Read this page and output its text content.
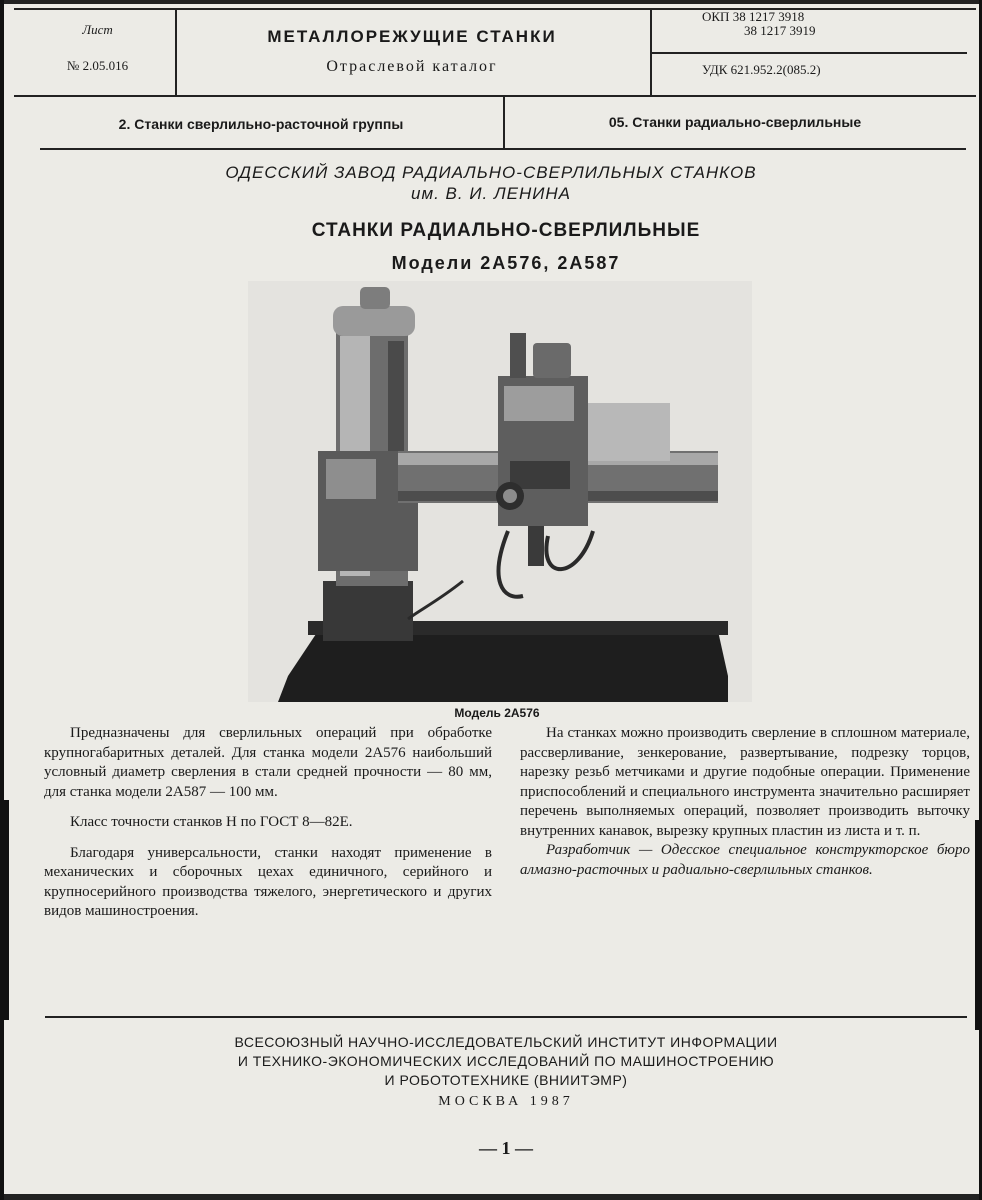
Лист
№ 2.05.016
МЕТАЛЛОРЕЖУЩИЕ СТАНКИ
Отраслевой каталог
ОКП 38 1217 3918
38 1217 3919
УДК 621.952.2(085.2)
2. Станки сверлильно-расточной группы	05. Станки радиально-сверлильные
ОДЕССКИЙ ЗАВОД РАДИАЛЬНО-СВЕРЛИЛЬНЫХ СТАНКОВ
им. В. И. ЛЕНИНА
СТАНКИ РАДИАЛЬНО-СВЕРЛИЛЬНЫЕ
Модели 2А576, 2А587
Модель 2А576

Предназначены для сверлильных операций при обработке крупногабаритных деталей. Для станка модели 2А576 наибольший условный диаметр сверления в стали средней прочности — 80 мм, для станка модели 2А587 — 100 мм.

Класс точности станков Н по ГОСТ 8—82Е.

Благодаря универсальности, станки находят применение в механических и сборочных цехах единичного, серийного и крупносерийного производства тяжелого, энергетического и других видов машиностроения.

На станках можно производить сверление в сплошном материале, рассверливание, зенкерование, развертывание, подрезку торцов, нарезку резьб метчиками и другие подобные операции. Применение приспособлений и специального инструмента значительно расширяет перечень выполняемых операций, позволяет производить выточку внутренних канавок, вырезку крупных пластин из листа и т. п.

Разработчик — Одесское специальное конструкторское бюро алмазно-расточных и радиально-сверлильных станков.

ВСЕСОЮЗНЫЙ НАУЧНО-ИССЛЕДОВАТЕЛЬСКИЙ ИНСТИТУТ ИНФОРМАЦИИ
И ТЕХНИКО-ЭКОНОМИЧЕСКИХ ИССЛЕДОВАНИЙ ПО МАШИНОСТРОЕНИЮ
И РОБОТОТЕХНИКЕ (ВНИИТЭМР)
МОСКВА 1987
— 1 —
